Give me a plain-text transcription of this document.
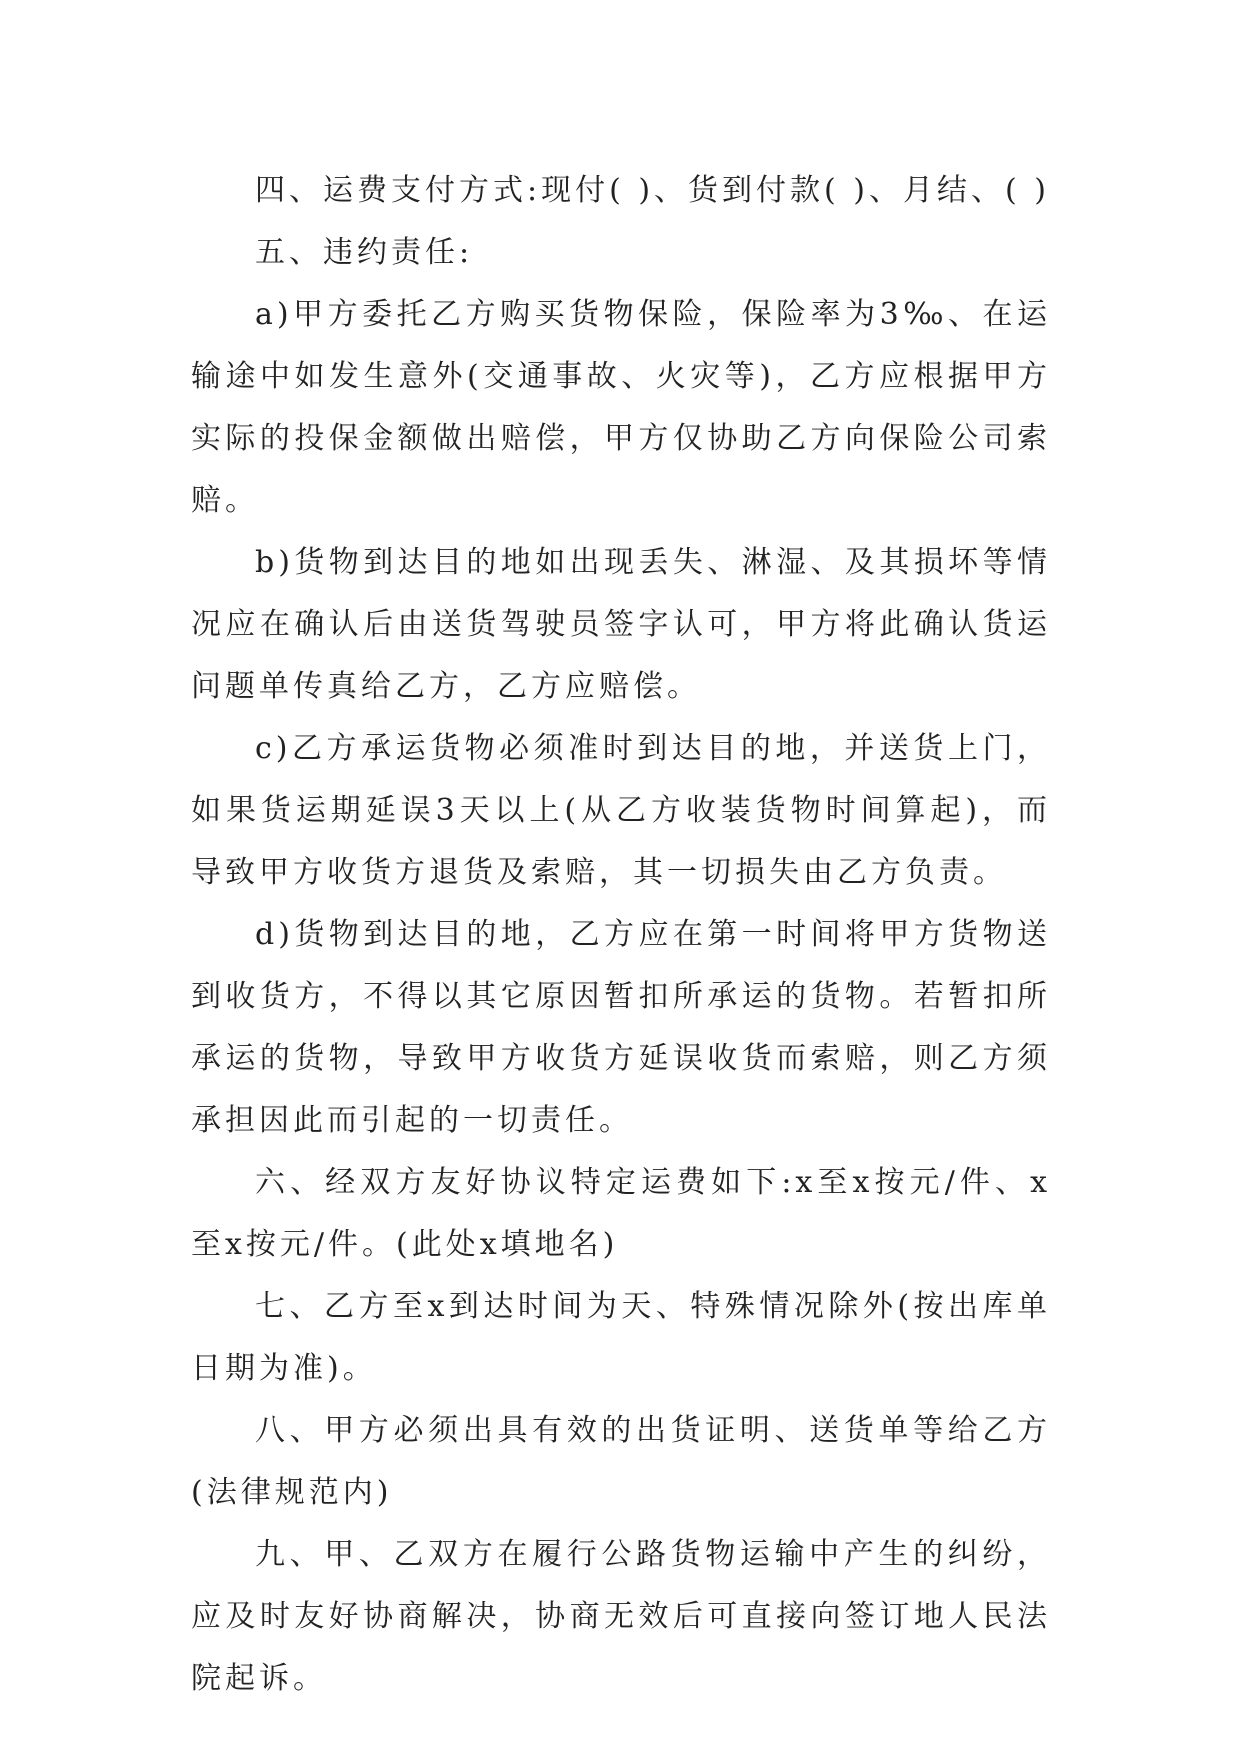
四、运费支付方式:现付( )、货到付款( )、月结、( )

五、违约责任:

a)甲方委托乙方购买货物保险，保险率为3‰、在运输途中如发生意外(交通事故、火灾等)，乙方应根据甲方实际的投保金额做出赔偿，甲方仅协助乙方向保险公司索赔。

b)货物到达目的地如出现丢失、淋湿、及其损坏等情况应在确认后由送货驾驶员签字认可，甲方将此确认货运问题单传真给乙方，乙方应赔偿。

c)乙方承运货物必须准时到达目的地，并送货上门，如果货运期延误3天以上(从乙方收装货物时间算起)，而导致甲方收货方退货及索赔，其一切损失由乙方负责。

d)货物到达目的地，乙方应在第一时间将甲方货物送到收货方，不得以其它原因暂扣所承运的货物。若暂扣所承运的货物，导致甲方收货方延误收货而索赔，则乙方须承担因此而引起的一切责任。

六、经双方友好协议特定运费如下:x至x按元/件、x至x按元/件。(此处x填地名)

七、乙方至x到达时间为天、特殊情况除外(按出库单日期为准)。

八、甲方必须出具有效的出货证明、送货单等给乙方(法律规范内)

九、甲、乙双方在履行公路货物运输中产生的纠纷，应及时友好协商解决，协商无效后可直接向签订地人民法院起诉。
